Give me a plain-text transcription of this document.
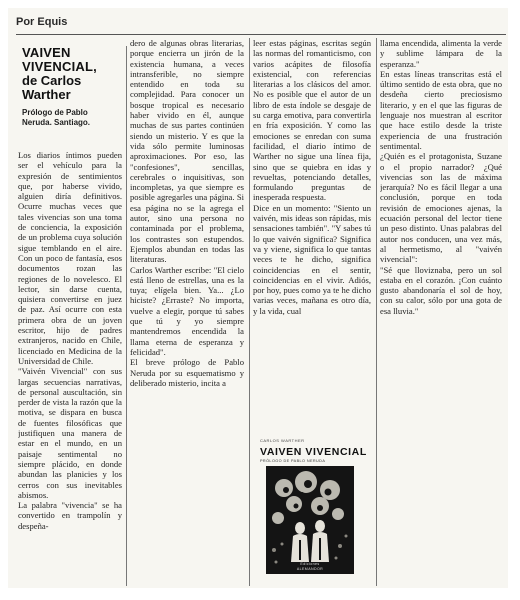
Por Equis
VAIVEN VIVENCIAL,
de Carlos Warther
Prólogo de Pablo Neruda. Santiago.

Los diarios íntimos pueden ser el vehículo para la expresión de sentimientos que, por haberse vivido, alguien diría definitivos. Ocurre muchas veces que tales vivencias son una toma de conciencia, la exposición de un problema cuya solución sigue temblando en el aire. Con un poco de fantasía, esos documentos rozan las regiones de lo novelesco. El lector, sin darse cuenta, quisiera convertirse en juez de paz. Así ocurre con esta primera obra de un joven escritor, hijo de padres extranjeros, nacido en Chile, licenciado en Medicina de la Universidad de Chile.

"Vaivén Vivencial" con sus largas secuencias narrativas, de personal auscultación, sin perder de vista la razón que la motiva, se dispara en busca de fuentes filosóficas que justifiquen una manera de estar en el mundo, en un paisaje sentimental no siempre plácido, en donde abundan las planicies y los cerros con sus inevitables abismos.

La palabra "vivencia" se ha convertido en trampolín y despeña-

dero de algunas obras literarias, porque encierra un jirón de la existencia humana, a veces intransferible, no siempre entendido en toda su complejidad. Para conocer un bosque tropical es necesario haber vivido en él, aunque muchas de sus partes continúen siendo un misterio. Y es que la vida sólo permite luminosas aproximaciones. Por eso, las "confesiones", sencillas, cerebrales o inquisitivas, son incompletas, ya que siempre es posible agregarles una página. Si esa página no se la agrega el autor, sino una persona no contaminada por el problema, los contrastes son estupendos. Ejemplos abundan en todas las literaturas.

Carlos Warther escribe: "El cielo está lleno de estrellas, una es la tuya; elígela bien. Ya... ¿Lo hiciste? ¿Erraste? No importa, vuelve a elegir, porque tú sabes que tú y yo siempre mantendremos encendida la llama eterna de esperanza y felicidad".

El breve prólogo de Pablo Neruda por su esquematismo y deliberado misterio, incita a

leer estas páginas, escritas según las normas del romanticismo, con varios acápites de filosofía existencial, con referencias literarias a los clásicos del amor. No es posible que el autor de un libro de esta índole se desgaje de su carga emotiva, para convertirla en fría exposición. Y como las emociones se enredan con suma facilidad, el diario íntimo de Warther no sigue una línea fija, sino que se quiebra en idas y revueltas, potenciando detalles, formulando preguntas de inesperada respuesta.

Dice en un momento: "Siento un vaivén, mis ideas son rápidas, mis sensaciones también". "Y sabes tú lo que vaivén significa? Significa va y viene, significa lo que tantas veces te he dicho, significa coincidencias en el sentir, coincidencias en el vivir. Adiós, por hoy, pues como ya te he dicho varias veces, mañana es otro día, y la vida, cual

CARLOS WARTHER
VAIVEN VIVENCIAL
PRÓLOGO DE PABLO NERUDA
Ediciones
ALEMANDOR

llama encendida, alimenta la verde y sublime lámpara de la esperanza."

En estas líneas transcritas está el último sentido de esta obra, que no desdeña cierto preciosismo literario, y en el que las figuras de lenguaje nos muestran al escritor que hace estilo desde la triste experiencia de una frustración sentimental.

¿Quién es el protagonista, Suzane o el propio narrador? ¿Qué vivencias son las de máxima jerarquía? No es fácil llegar a una conclusión, porque en toda revisión de emociones ajenas, la ecuación personal del lector tiene un peso distinto. Unas palabras del autor nos conducen, una vez más, al hermetismo, al "vaivén vivencial":

"Sé que lloviznaba, pero un sol estaba en el corazón. ¡Con cuánto gusto abandonaría el sol de hoy, con su calor, sólo por una gota de esa lluvia."
